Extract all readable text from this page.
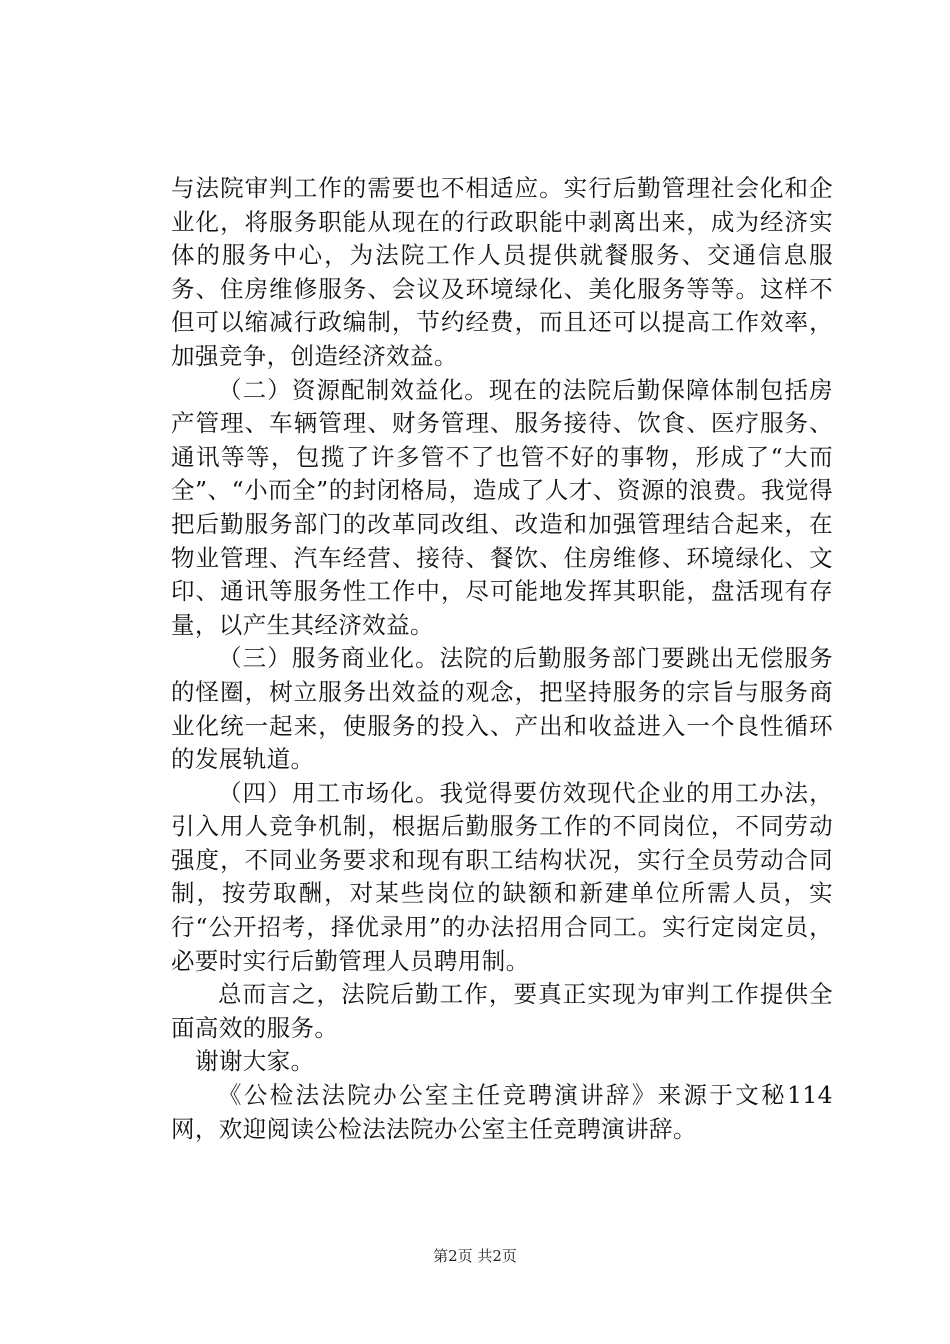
与法院审判工作的需要也不相适应。实行后勤管理社会化和企业化，将服务职能从现在的行政职能中剥离出来，成为经济实体的服务中心，为法院工作人员提供就餐服务、交通信息服务、住房维修服务、会议及环境绿化、美化服务等等。这样不但可以缩减行政编制，节约经费，而且还可以提高工作效率，加强竞争，创造经济效益。

（二）资源配制效益化。现在的法院后勤保障体制包括房产管理、车辆管理、财务管理、服务接待、饮食、医疗服务、通讯等等，包揽了许多管不了也管不好的事物，形成了“大而全”、“小而全”的封闭格局，造成了人才、资源的浪费。我觉得把后勤服务部门的改革同改组、改造和加强管理结合起来，在物业管理、汽车经营、接待、餐饮、住房维修、环境绿化、文印、通讯等服务性工作中，尽可能地发挥其职能，盘活现有存量，以产生其经济效益。

（三）服务商业化。法院的后勤服务部门要跳出无偿服务的怪圈，树立服务出效益的观念，把坚持服务的宗旨与服务商业化统一起来，使服务的投入、产出和收益进入一个良性循环的发展轨道。

（四）用工市场化。我觉得要仿效现代企业的用工办法，引入用人竞争机制，根据后勤服务工作的不同岗位，不同劳动强度，不同业务要求和现有职工结构状况，实行全员劳动合同制，按劳取酬，对某些岗位的缺额和新建单位所需人员，实行“公开招考，择优录用”的办法招用合同工。实行定岗定员，必要时实行后勤管理人员聘用制。

总而言之，法院后勤工作，要真正实现为审判工作提供全面高效的服务。

谢谢大家。

《公检法法院办公室主任竞聘演讲辞》来源于文秘114网，欢迎阅读公检法法院办公室主任竞聘演讲辞。

第2页 共2页
